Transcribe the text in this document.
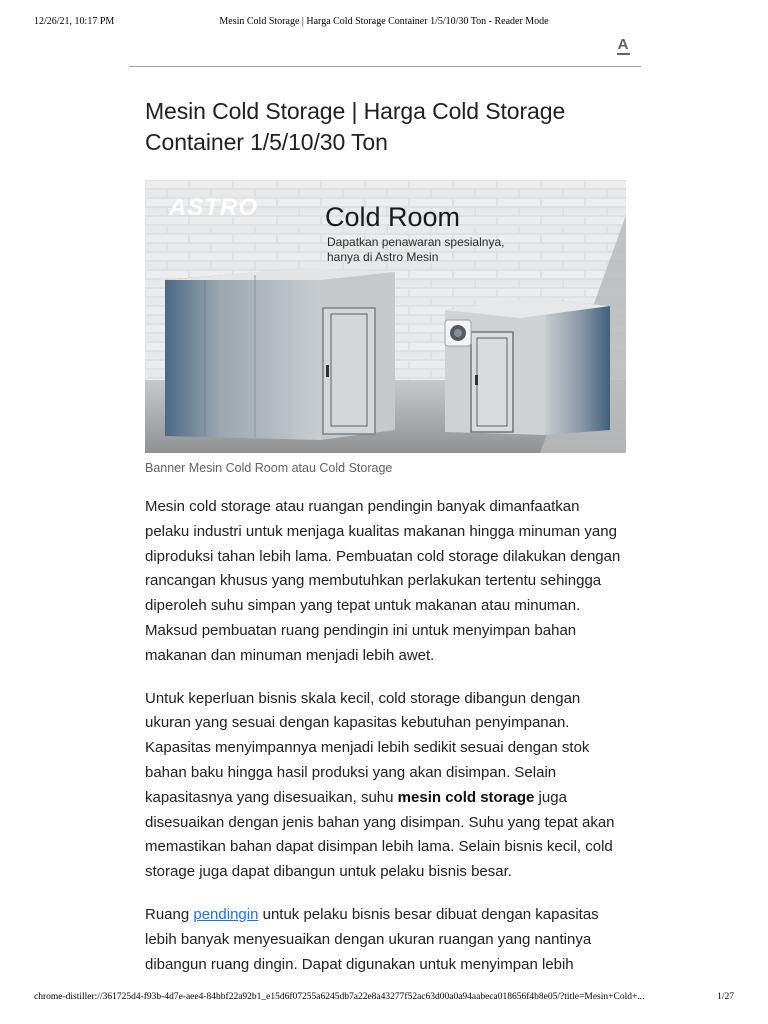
12/26/21, 10:17 PM	Mesin Cold Storage | Harga Cold Storage Container 1/5/10/30 Ton - Reader Mode
A
Mesin Cold Storage | Harga Cold Storage Container 1/5/10/30 Ton
ASTRO Cold Room
Dapatkan penawaran spesialnya,
hanya di Astro Mesin
Banner Mesin Cold Room atau Cold Storage

Mesin cold storage atau ruangan pendingin banyak dimanfaatkan pelaku industri untuk menjaga kualitas makanan hingga minuman yang diproduksi tahan lebih lama. Pembuatan cold storage dilakukan dengan rancangan khusus yang membutuhkan perlakukan tertentu sehingga diperoleh suhu simpan yang tepat untuk makanan atau minuman. Maksud pembuatan ruang pendingin ini untuk menyimpan bahan makanan dan minuman menjadi lebih awet.

Untuk keperluan bisnis skala kecil, cold storage dibangun dengan ukuran yang sesuai dengan kapasitas kebutuhan penyimpanan. Kapasitas menyimpannya menjadi lebih sedikit sesuai dengan stok bahan baku hingga hasil produksi yang akan disimpan. Selain kapasitasnya yang disesuaikan, suhu mesin cold storage juga disesuaikan dengan jenis bahan yang disimpan. Suhu yang tepat akan memastikan bahan dapat disimpan lebih lama. Selain bisnis kecil, cold storage juga dapat dibangun untuk pelaku bisnis besar.

Ruang pendingin untuk pelaku bisnis besar dibuat dengan kapasitas lebih banyak menyesuaikan dengan ukuran ruangan yang nantinya dibangun ruang dingin. Dapat digunakan untuk menyimpan lebih

chrome-distiller://361725d4-f93b-4d7e-aee4-84bbf22a92b1_e15d6f07255a6245db7a22e8a43277f52ac63d00a0a94aabeca018656f4b8e05/?title=Mesin+Cold+...	1/27
